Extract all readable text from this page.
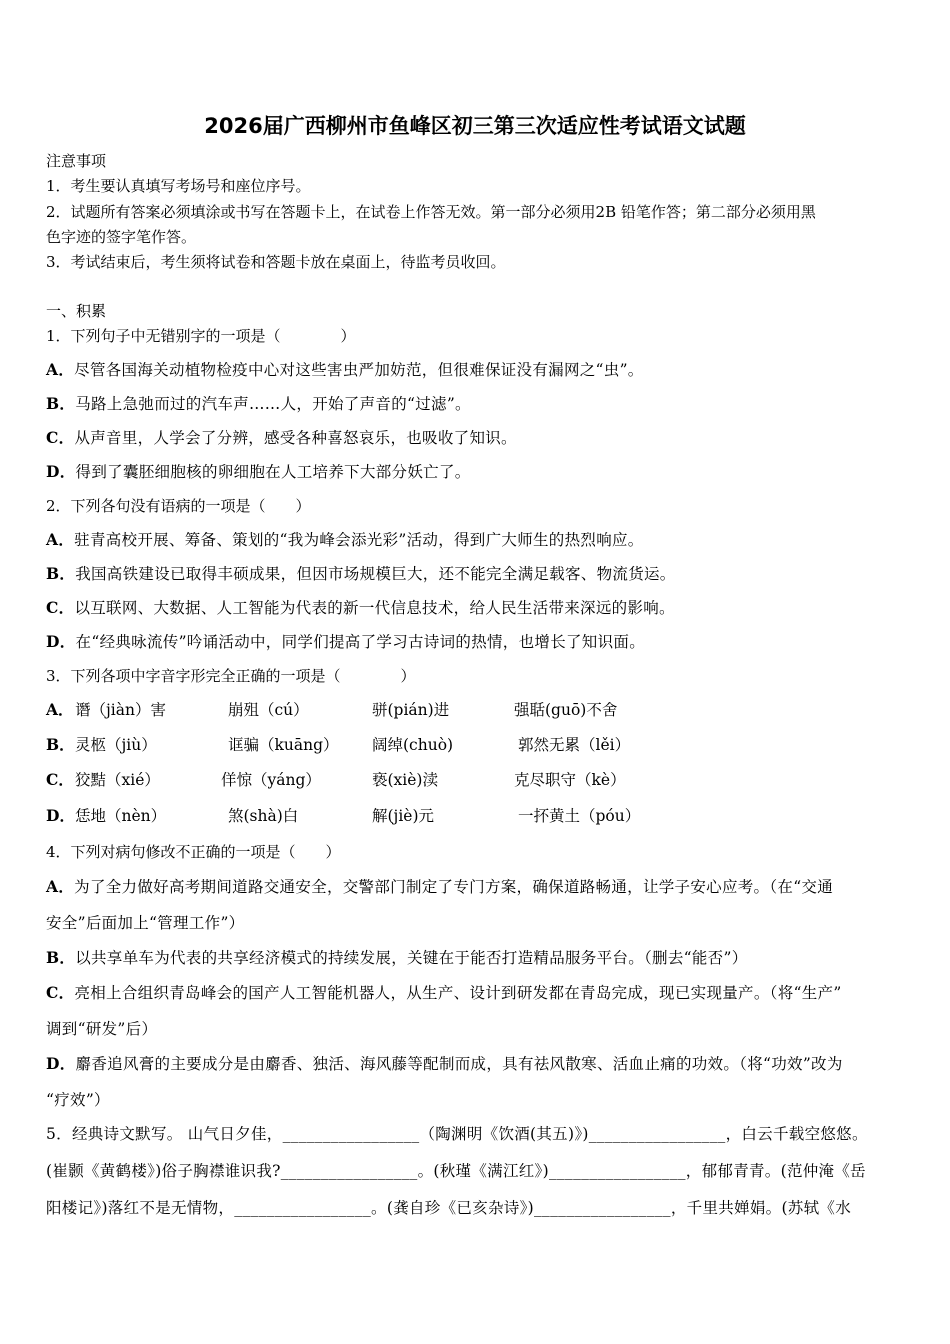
2026届广西柳州市鱼峰区初三第三次适应性考试语文试题
注意事项
1．考生要认真填写考场号和座位序号。
2．试题所有答案必须填涂或书写在答题卡上，在试卷上作答无效。第一部分必须用2B 铅笔作答；第二部分必须用黑
色字迹的签字笔作答。
3．考试结束后，考生须将试卷和答题卡放在桌面上，待监考员收回。
一、积累
1．下列句子中无错别字的一项是（　　　　）
A．尽管各国海关动植物检疫中心对这些害虫严加妨范，但很难保证没有漏网之“虫”。
B．马路上急弛而过的汽车声……人，开始了声音的“过滤”。
C．从声音里，人学会了分辨，感受各种喜怒哀乐，也吸收了知识。
D．得到了囊胚细胞核的卵细胞在人工培养下大部分妖亡了。
2．下列各句没有语病的一项是（　　）
A．驻青高校开展、筹备、策划的“我为峰会添光彩”活动，得到广大师生的热烈响应。
B．我国高铁建设已取得丰硕成果，但因市场规模巨大，还不能完全满足载客、物流货运。
C．以互联网、大数据、人工智能为代表的新一代信息技术，给人民生活带来深远的影响。
D．在“经典咏流传”吟诵活动中，同学们提高了学习古诗词的热情，也增长了知识面。
3．下列各项中字音字形完全正确的一项是（　　　　）
A． 谮（jiàn）害	崩殂（cú）	骈(pián)进	强聒(guō)不舍
B． 灵柩（jiù）	诓骗（kuāng） 阔绰(chuò)	郭然无累（lěi）
C． 狡黠（xié）	佯惊（yáng）	亵(xiè)渎	克尽职守（kè）
D． 恁地（nèn）	煞(shà)白	解(jiè)元	一抔黄土（póu）
4．下列对病句修改不正确的一项是（　　）
A．为了全力做好高考期间道路交通安全，交警部门制定了专门方案，确保道路畅通，让学子安心应考。（在“交通
安全”后面加上“管理工作”）
B．以共享单车为代表的共享经济模式的持续发展，关键在于能否打造精品服务平台。（删去“能否”）
C．亮相上合组织青岛峰会的国产人工智能机器人，从生产、设计到研发都在青岛完成，现已实现量产。（将“生产”
调到“研发”后）
D．麝香追风膏的主要成分是由麝香、独活、海风藤等配制而成，具有祛风散寒、活血止痛的功效。（将“功效”改为
“疗效”）
5．经典诗文默写。 山气日夕佳，_________________（陶渊明《饮酒(其五)》)_________________，白云千载空悠悠。
(崔颢《黄鹤楼》)俗子胸襟谁识我?_________________。(秋瑾《满江红》)_________________，郁郁青青。(范仲淹《岳
阳楼记》)落红不是无情物，_________________。(龚自珍《已亥杂诗》)_________________，千里共婵娟。(苏轼《水
